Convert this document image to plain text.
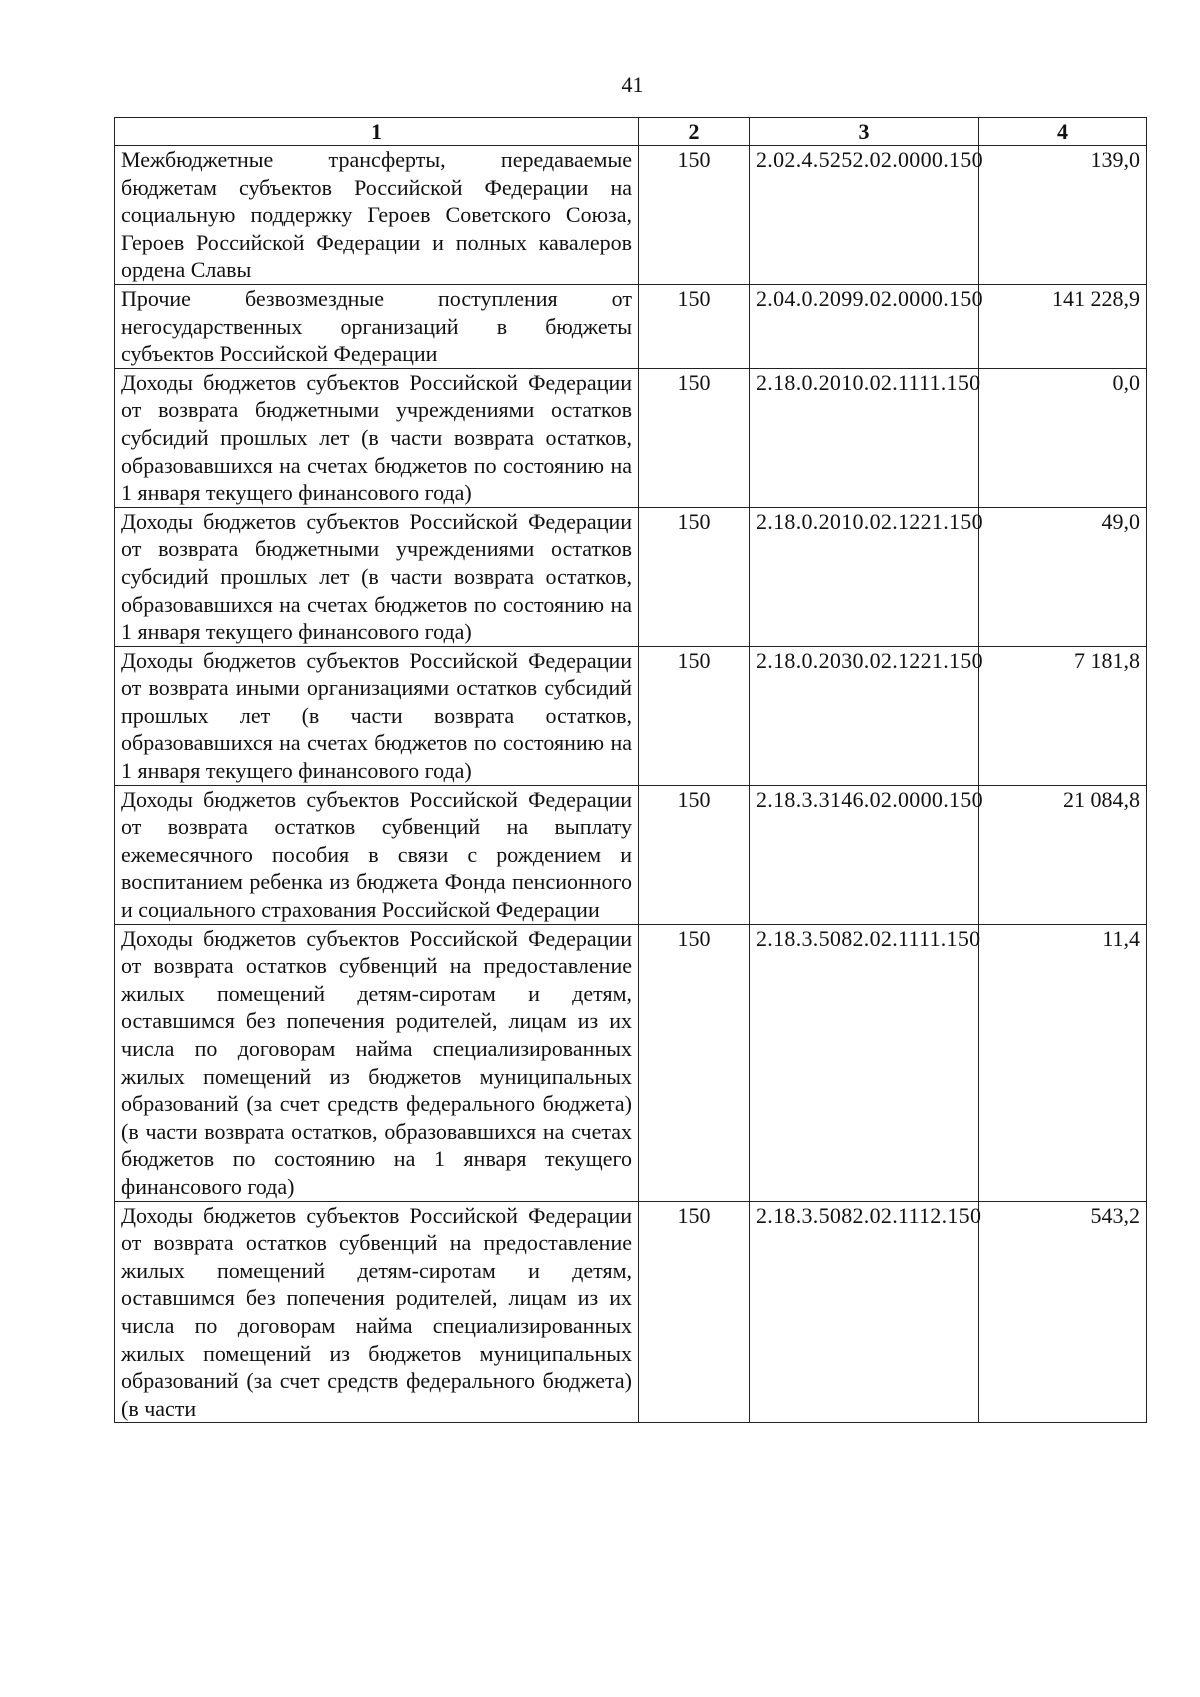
41
1	2	3	4
Межбюджетные трансферты, передаваемые бюджетам субъектов Российской Федерации на социальную поддержку Героев Советского Союза, Героев Российской Федерации и полных кавалеров ордена Славы	150	2.02.4.5252.02.0000.150	139,0
Прочие безвозмездные поступления от негосударственных организаций в бюджеты субъектов Российской Федерации	150	2.04.0.2099.02.0000.150	141 228,9
Доходы бюджетов субъектов Российской Федерации от возврата бюджетными учреждениями остатков субсидий прошлых лет (в части возврата остатков, образовавшихся на счетах бюджетов по состоянию на 1 января текущего финансового года)	150	2.18.0.2010.02.1111.150	0,0
Доходы бюджетов субъектов Российской Федерации от возврата бюджетными учреждениями остатков субсидий прошлых лет (в части возврата остатков, образовавшихся на счетах бюджетов по состоянию на 1 января текущего финансового года)	150	2.18.0.2010.02.1221.150	49,0
Доходы бюджетов субъектов Российской Федерации от возврата иными организациями остатков субсидий прошлых лет (в части возврата остатков, образовавшихся на счетах бюджетов по состоянию на 1 января текущего финансового года)	150	2.18.0.2030.02.1221.150	7 181,8
Доходы бюджетов субъектов Российской Федерации от возврата остатков субвенций на выплату ежемесячного пособия в связи с рождением и воспитанием ребенка из бюджета Фонда пенсионного и социального страхования Российской Федерации	150	2.18.3.3146.02.0000.150	21 084,8
Доходы бюджетов субъектов Российской Федерации от возврата остатков субвенций на предоставление жилых помещений детям-сиротам и детям, оставшимся без попечения родителей, лицам из их числа по договорам найма специализированных жилых помещений из бюджетов муниципальных образований (за счет средств федерального бюджета) (в части возврата остатков, образовавшихся на счетах бюджетов по состоянию на 1 января текущего финансового года)	150	2.18.3.5082.02.1111.150	11,4
Доходы бюджетов субъектов Российской Федерации от возврата остатков субвенций на предоставление жилых помещений детям-сиротам и детям, оставшимся без попечения родителей, лицам из их числа по договорам найма специализированных жилых помещений из бюджетов муниципальных образований (за счет средств федерального бюджета) (в части	150	2.18.3.5082.02.1112.150	543,2
